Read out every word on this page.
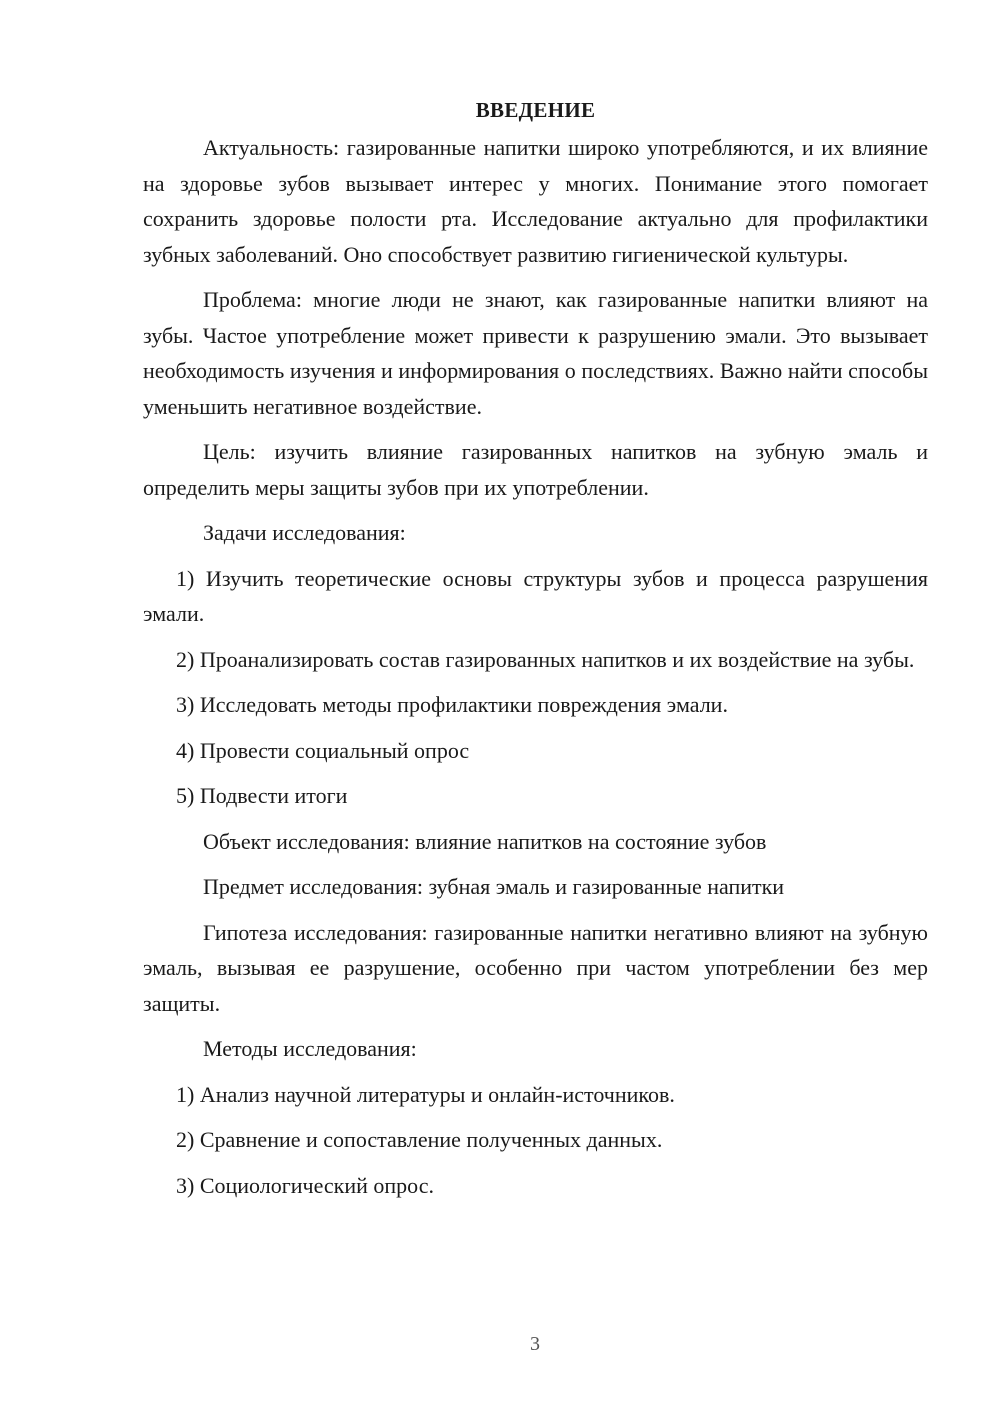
ВВЕДЕНИЕ

Актуальность: газированные напитки широко употребляются, и их влияние на здоровье зубов вызывает интерес у многих. Понимание этого помогает сохранить здоровье полости рта. Исследование актуально для профилактики зубных заболеваний. Оно способствует развитию гигиенической культуры.

Проблема: многие люди не знают, как газированные напитки влияют на зубы. Частое употребление может привести к разрушению эмали. Это вызывает необходимость изучения и информирования о последствиях. Важно найти способы уменьшить негативное воздействие.

Цель: изучить влияние газированных напитков на зубную эмаль и определить меры защиты зубов при их употреблении.

Задачи исследования:

1) Изучить теоретические основы структуры зубов и процесса разрушения эмали.

2) Проанализировать состав газированных напитков и их воздействие на зубы.

3) Исследовать методы профилактики повреждения эмали.

4) Провести социальный опрос

5) Подвести итоги

Объект исследования: влияние напитков на состояние зубов

Предмет исследования: зубная эмаль и газированные напитки

Гипотеза исследования: газированные напитки негативно влияют на зубную эмаль, вызывая ее разрушение, особенно при частом употреблении без мер защиты.

Методы исследования:

1) Анализ научной литературы и онлайн-источников.

2) Сравнение и сопоставление полученных данных.

3) Социологический опрос.

3
